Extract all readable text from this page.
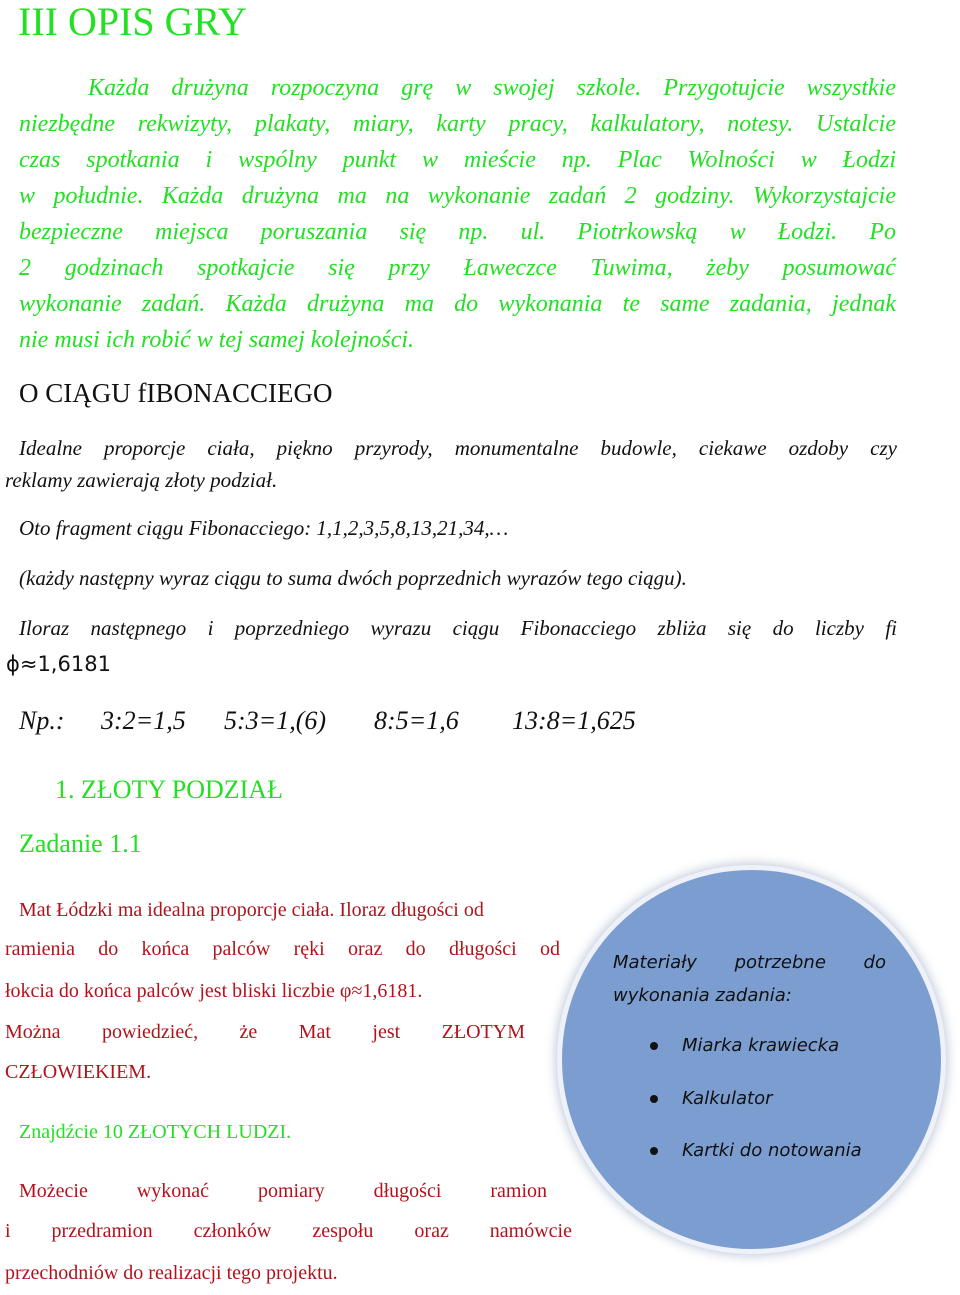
III OPIS GRY
Każda drużyna rozpoczyna grę w swojej szkole. Przygotujcie wszystkie
niezbędne rekwizyty, plakaty, miary, karty pracy, kalkulatory, notesy. Ustalcie
czas spotkania i wspólny punkt w mieście np. Plac Wolności w Łodzi
w południe. Każda drużyna ma na wykonanie zadań 2 godziny. Wykorzystajcie
bezpieczne miejsca poruszania się np. ul. Piotrkowską w Łodzi. Po
2 godzinach spotkajcie się przy Ławeczce Tuwima, żeby posumować
wykonanie zadań. Każda drużyna ma do wykonania te same zadania, jednak
nie musi ich robić w tej samej kolejności.
O CIĄGU fIBONACCIEGO
Idealne proporcje ciała, piękno przyrody, monumentalne budowle, ciekawe ozdoby czy
reklamy zawierają złoty podział.
Oto fragment ciągu Fibonacciego: 1,1,2,3,5,8,13,21,34,…
(każdy następny wyraz ciągu to suma dwóch poprzednich wyrazów tego ciągu).
Iloraz następnego i poprzedniego wyrazu ciągu Fibonacciego zbliża się do liczby fi
ϕ≈1,6181
Np.:	3:2=1,5	5:3=1,(6)	8:5=1,6	13:8=1,625
1. ZŁOTY PODZIAŁ
Zadanie 1.1
Mat Łódzki ma idealna proporcje ciała. Iloraz długości od
ramienia do końca palców ręki oraz do długości od
łokcia do końca palców jest bliski liczbie φ≈1,6181.
Można powiedzieć, że Mat jest ZŁOTYM
CZŁOWIEKIEM.
Znajdźcie 10 ZŁOTYCH LUDZI.
Możecie wykonać pomiary długości ramion
i przedramion członków zespołu oraz namówcie
przechodniów do realizacji tego projektu.
Materiały potrzebne do
wykonania zadania:
Miarka krawiecka
Kalkulator
Kartki do notowania
